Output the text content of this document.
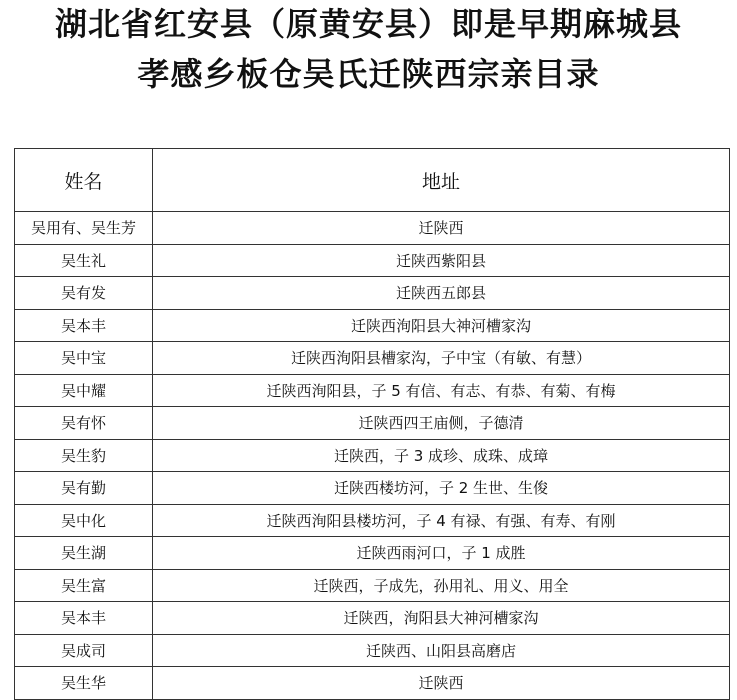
湖北省红安县（原黄安县）即是早期麻城县
孝感乡板仓吴氏迁陕西宗亲目录
姓名	地址
吴用有、吴生芳	迁陕西
吴生礼	迁陕西紫阳县
吴有发	迁陕西五郎县
吴本丰	迁陕西洵阳县大神河槽家沟
吴中宝	迁陕西洵阳县槽家沟，子中宝（有敏、有慧）
吴中耀	迁陕西洵阳县，子 5 有信、有志、有恭、有菊、有梅
吴有怀	迁陕西四王庙侧，子德清
吴生豹	迁陕西，子 3 成珍、成珠、成璋
吴有勤	迁陕西楼坊河，子 2 生世、生俊
吴中化	迁陕西洵阳县楼坊河，子 4 有禄、有强、有寿、有刚
吴生湖	迁陕西雨河口，子 1 成胜
吴生富	迁陕西，子成先，孙用礼、用义、用全
吴本丰	迁陕西，洵阳县大神河槽家沟
吴成司	迁陕西、山阳县高磨店
吴生华	迁陕西
